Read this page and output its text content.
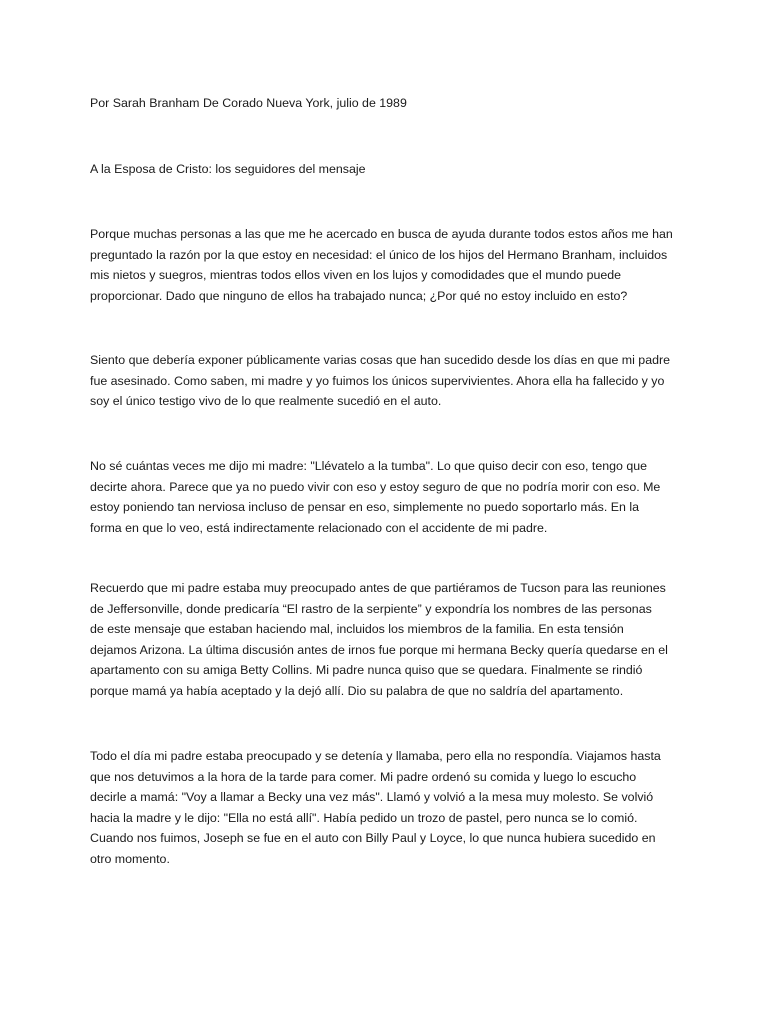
Por Sarah Branham De Corado Nueva York, julio de 1989

A la Esposa de Cristo: los seguidores del mensaje

Porque muchas personas a las que me he acercado en busca de ayuda durante todos estos años me han
preguntado la razón por la que estoy en necesidad: el único de los hijos del Hermano Branham, incluidos
mis nietos y suegros, mientras todos ellos viven en los lujos y comodidades que el mundo puede
proporcionar. Dado que ninguno de ellos ha trabajado nunca; ¿Por qué no estoy incluido en esto?
Siento que debería exponer públicamente varias cosas que han sucedido desde los días en que mi padre
fue asesinado. Como saben, mi madre y yo fuimos los únicos supervivientes. Ahora ella ha fallecido y yo
soy el único testigo vivo de lo que realmente sucedió en el auto.
No sé cuántas veces me dijo mi madre: "Llévatelo a la tumba". Lo que quiso decir con eso, tengo que
decirte ahora. Parece que ya no puedo vivir con eso y estoy seguro de que no podría morir con eso. Me
estoy poniendo tan nerviosa incluso de pensar en eso, simplemente no puedo soportarlo más. En la
forma en que lo veo, está indirectamente relacionado con el accidente de mi padre.
Recuerdo que mi padre estaba muy preocupado antes de que partiéramos de Tucson para las reuniones
de Jeffersonville, donde predicaría “El rastro de la serpiente” y expondría los nombres de las personas
de este mensaje que estaban haciendo mal, incluidos los miembros de la familia. En esta tensión
dejamos Arizona. La última discusión antes de irnos fue porque mi hermana Becky quería quedarse en el
apartamento con su amiga Betty Collins. Mi padre nunca quiso que se quedara. Finalmente se rindió
porque mamá ya había aceptado y la dejó allí. Dio su palabra de que no saldría del apartamento.
Todo el día mi padre estaba preocupado y se detenía y llamaba, pero ella no respondía. Viajamos hasta
que nos detuvimos a la hora de la tarde para comer. Mi padre ordenó su comida y luego lo escucho
decirle a mamá: "Voy a llamar a Becky una vez más". Llamó y volvió a la mesa muy molesto. Se volvió
hacia la madre y le dijo: "Ella no está allí". Había pedido un trozo de pastel, pero nunca se lo comió.
Cuando nos fuimos, Joseph se fue en el auto con Billy Paul y Loyce, lo que nunca hubiera sucedido en
otro momento.
